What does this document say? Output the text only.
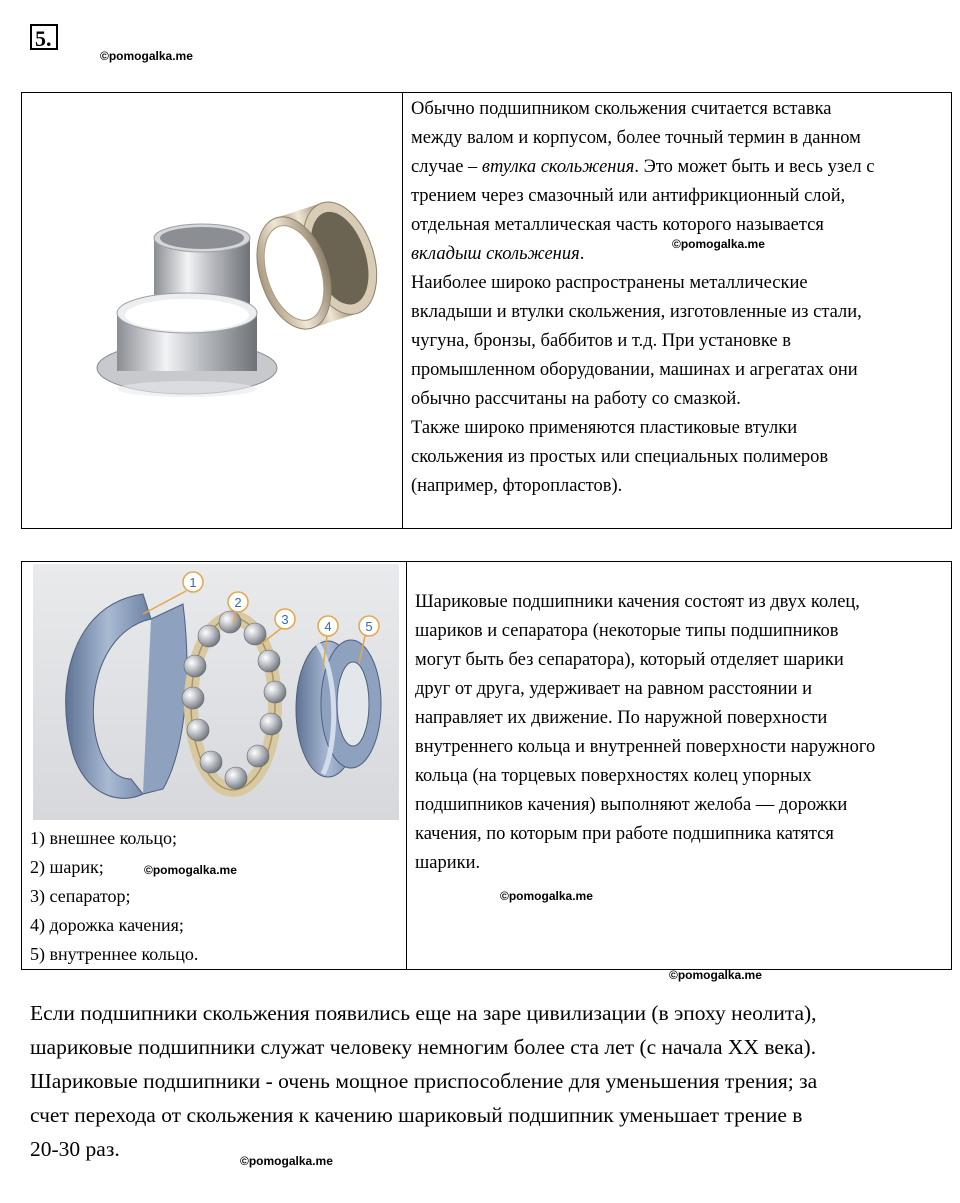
5.
©pomogalka.me

Обычно подшипником скольжения считается вставка
между валом и корпусом, более точный термин в данном
случае – втулка скольжения. Это может быть и весь узел с
трением через смазочный или антифрикционный слой,
отдельная металлическая часть которого называется
вкладыш скольжения.
Наиболее широко распространены металлические
вкладыши и втулки скольжения, изготовленные из стали,
чугуна, бронзы, баббитов и т.д. При установке в
промышленном оборудовании, машинах и агрегатах они
обычно рассчитаны на работу со смазкой.
Также широко применяются пластиковые втулки
скольжения из простых или специальных полимеров
(например, фторопластов).

©pomogalka.me
1
2
3	4	5
1) внешнее кольцо;
2) шарик;
3) сепаратор;
4) дорожка качения;
5) внутреннее кольцо.

Шариковые подшипники качения состоят из двух колец,
шариков и сепаратора (некоторые типы подшипников
могут быть без сепаратора), который отделяет шарики
друг от друга, удерживает на равном расстоянии и
направляет их движение. По наружной поверхности
внутреннего кольца и внутренней поверхности наружного
кольца (на торцевых поверхностях колец упорных
подшипников качения) выполняют желоба — дорожки
качения, по которым при работе подшипника катятся
шарики.

©pomogalka.me
©pomogalka.me
©pomogalka.me

Если подшипники скольжения появились еще на заре цивилизации (в эпоху неолита),
шариковые подшипники служат человеку немногим более ста лет (с начала XX века).
Шариковые подшипники - очень мощное приспособление для уменьшения трения; за
счет перехода от скольжения к качению шариковый подшипник уменьшает трение в
20-30 раз.	©pomogalka.me
